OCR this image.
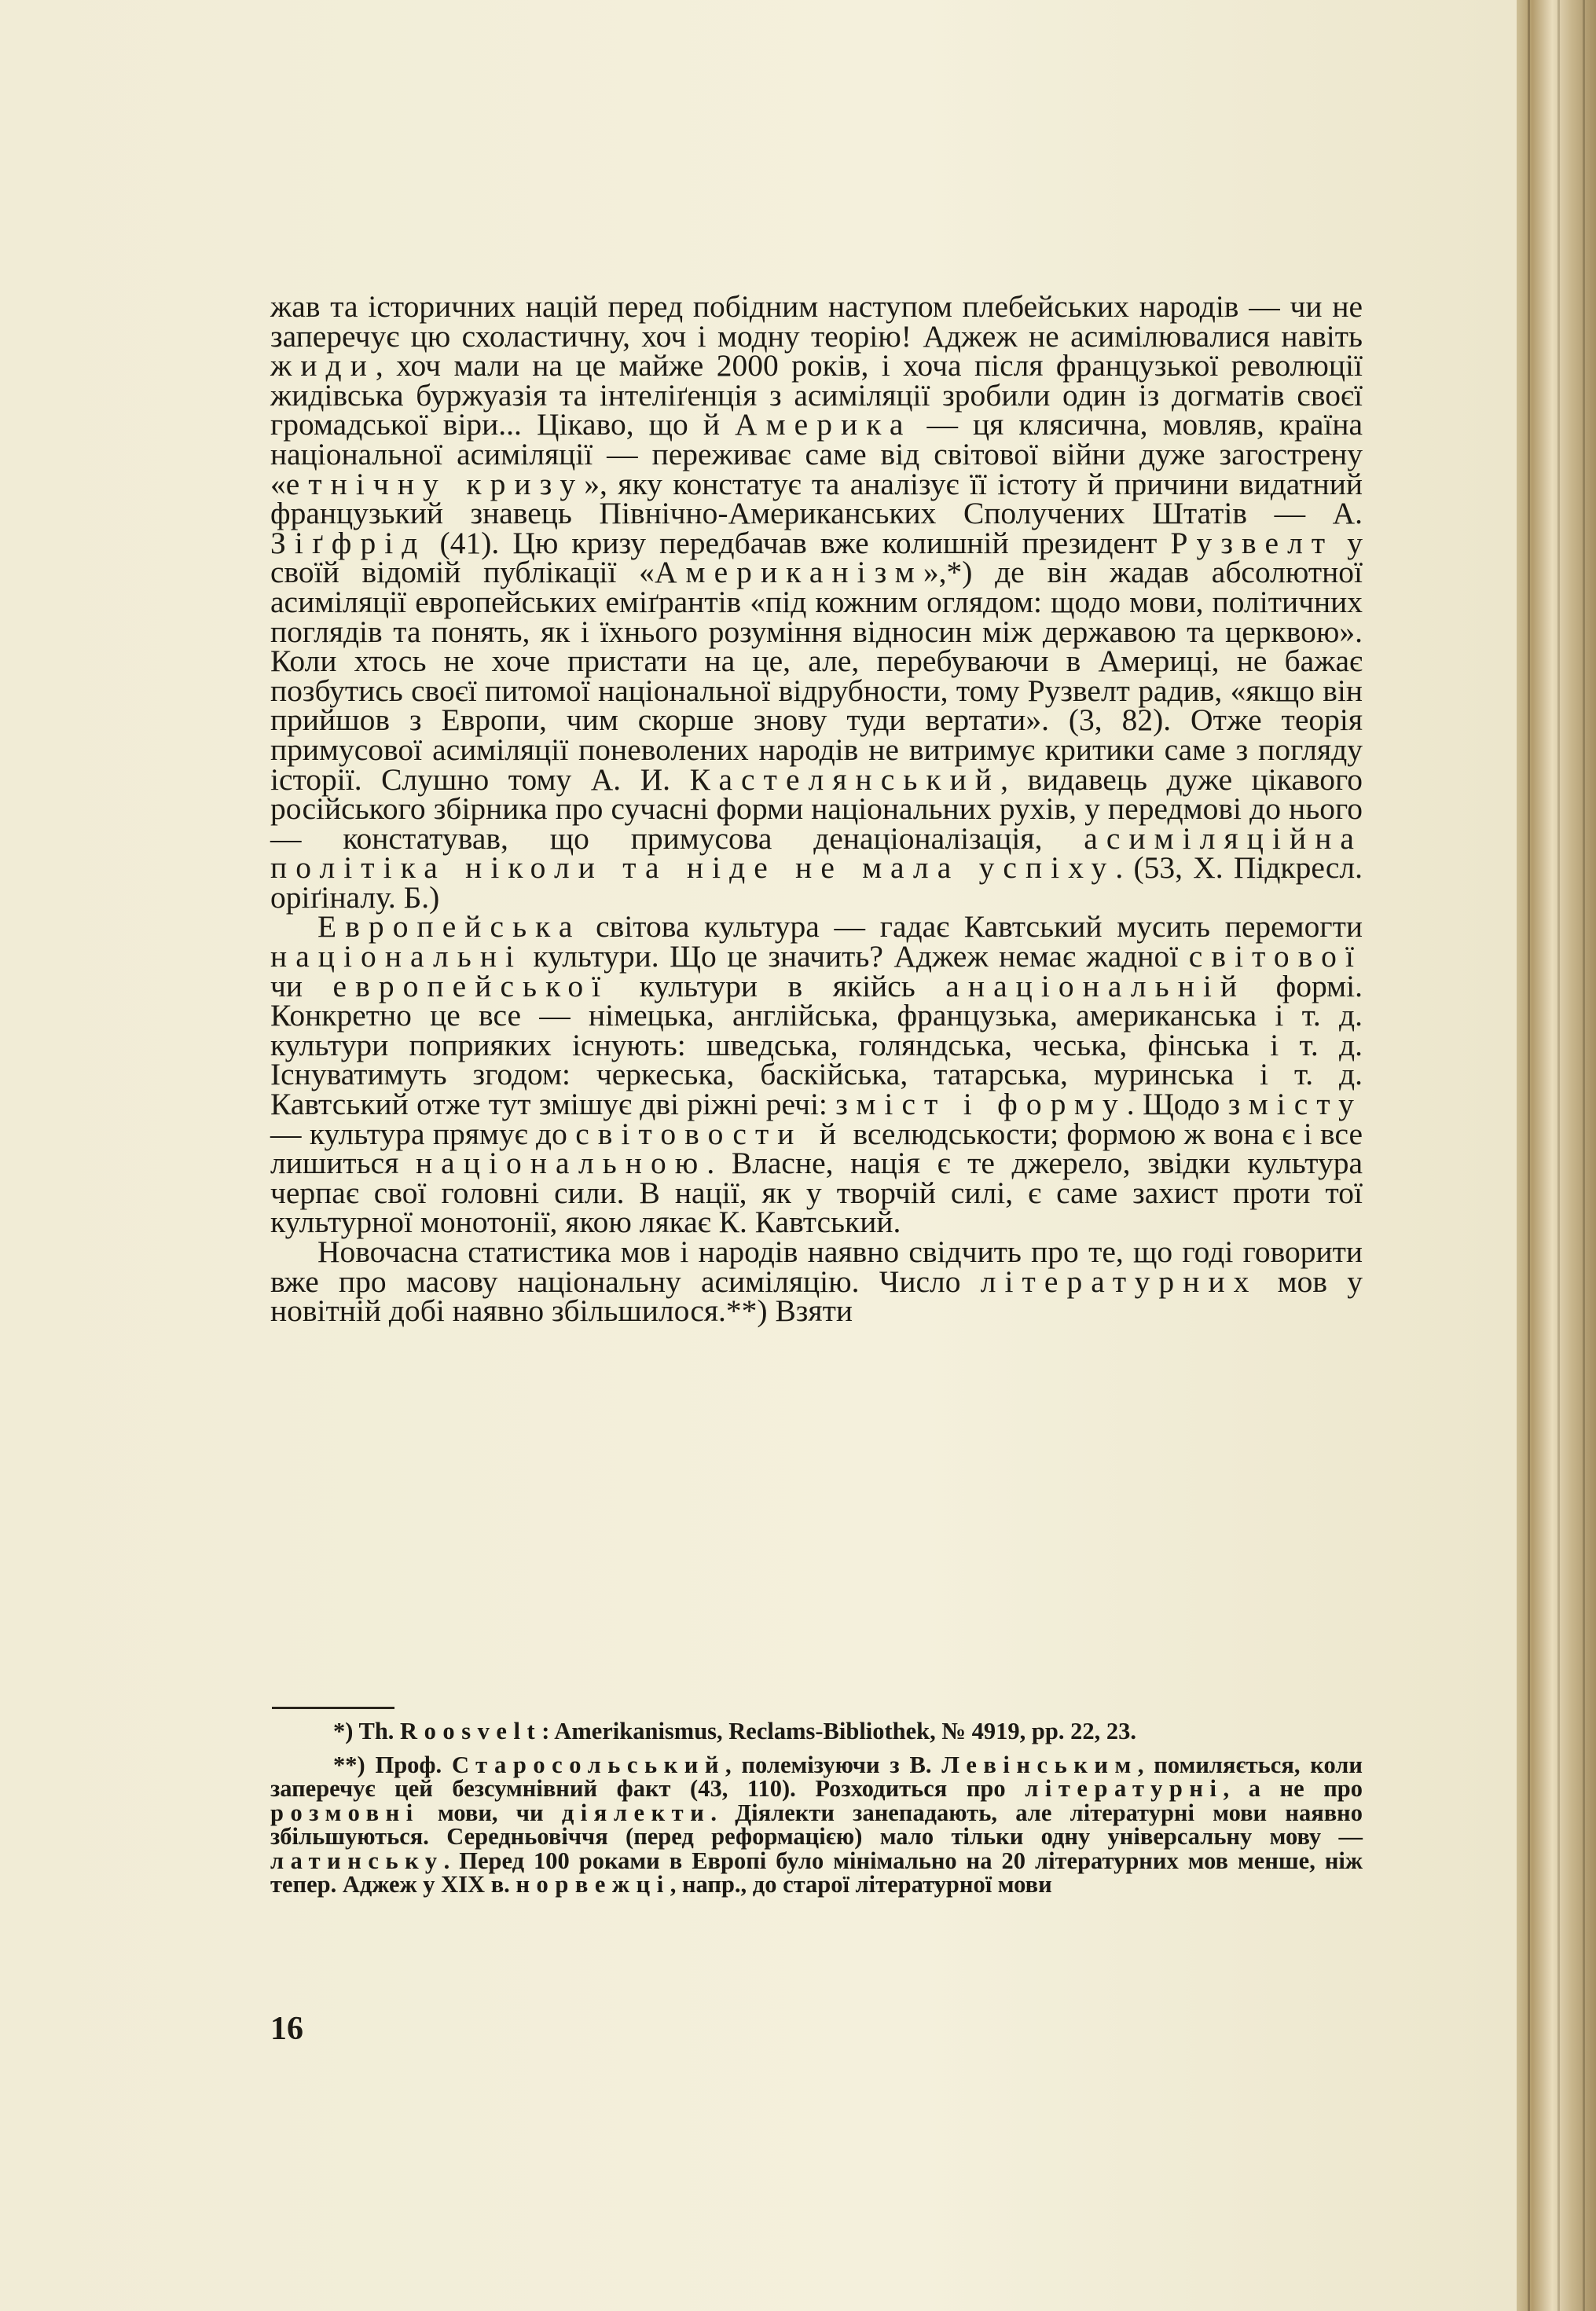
жав та історичних націй перед побідним наступом плебейських народів — чи не заперечує цю схоластичну, хоч і модну теорію! Аджеж не асимілювалися навіть жиди, хоч мали на це майже 2000 років, і хоча після французької революції жидівська буржуазія та інтеліґенція з асиміляції зробили один із догматів своєї громадської віри... Цікаво, що й Америка — ця клясична, мовляв, країна національної асиміляції — переживає саме від світової війни дуже загострену «етнічну кризу», яку констатує та аналізує її істоту й причини видатний французький знавець Північно-Американських Сполучених Штатів — А. Зіґфрід (41). Цю кризу передбачав вже колишній президент Рузвелт у своїй відомій публікації «Американізм»,*) де він жадав абсолютної асиміляції европейських еміґрантів «під кожним оглядом: щодо мови, політичних поглядів та понять, як і їхнього розуміння відносин між державою та церквою». Коли хтось не хоче пристати на це, але, перебуваючи в Америці, не бажає позбутись своєї питомої національної відрубности, тому Рузвелт радив, «якщо він прийшов з Европи, чим скорше знову туди вертати». (3, 82). Отже теорія примусової асиміляції поневолених народів не витримує критики саме з погляду історії. Слушно тому А. И. Кастелянський, видавець дуже цікавого російського збірника про сучасні форми національних рухів, у передмові до нього — констатував, що примусова денаціоналізація, асиміляційна політіка ніколи та ніде не мала успіху. (53, X. Підкресл. оріґіналу. Б.)

Европейська світова культура — гадає Кавтський мусить перемогти національні культури. Що це значить? Аджеж немає жадної світової чи европейської культури в якійсь анаціональній формі. Конкретно це все — німецька, англійська, французька, американська і т. д. культури поприяких існують: шведська, голяндська, чеська, фінська і т. д. Існуватимуть згодом: черкеська, баскійська, татарська, муринська і т. д. Кавтський отже тут змішує дві ріжні речі: зміст і форму. Щодо змісту — культура прямує до світовости й вселюдськости; формою ж вона є і все лишиться національною. Власне, нація є те джерело, звідки культура черпає свої головні сили. В нації, як у творчій силі, є саме захист проти тої культурної монотонії, якою лякає К. Кавтський.

Новочасна статистика мов і народів наявно свідчить про те, що годі говорити вже про масову національну асиміляцію. Число літературних мов у новітній добі наявно збільшилося.**) Взяти

*) Th. Roosvelt: Amerikanismus, Reclams-Bibliothek, № 4919, pp. 22, 23.

**) Проф. Старосольський, полемізуючи з В. Левінським, помиляється, коли заперечує цей безсумнівний факт (43, 110). Розходиться про літературні, а не про розмовні мови, чи діялекти. Діялекти занепадають, але літературні мови наявно збільшуються. Середньовіччя (перед реформацією) мало тільки одну універсальну мову — латинську. Перед 100 роками в Европі було мінімально на 20 літературних мов менше, ніж тепер. Аджеж у XIX в. норвежці, напр., до старої літературної мови

16
